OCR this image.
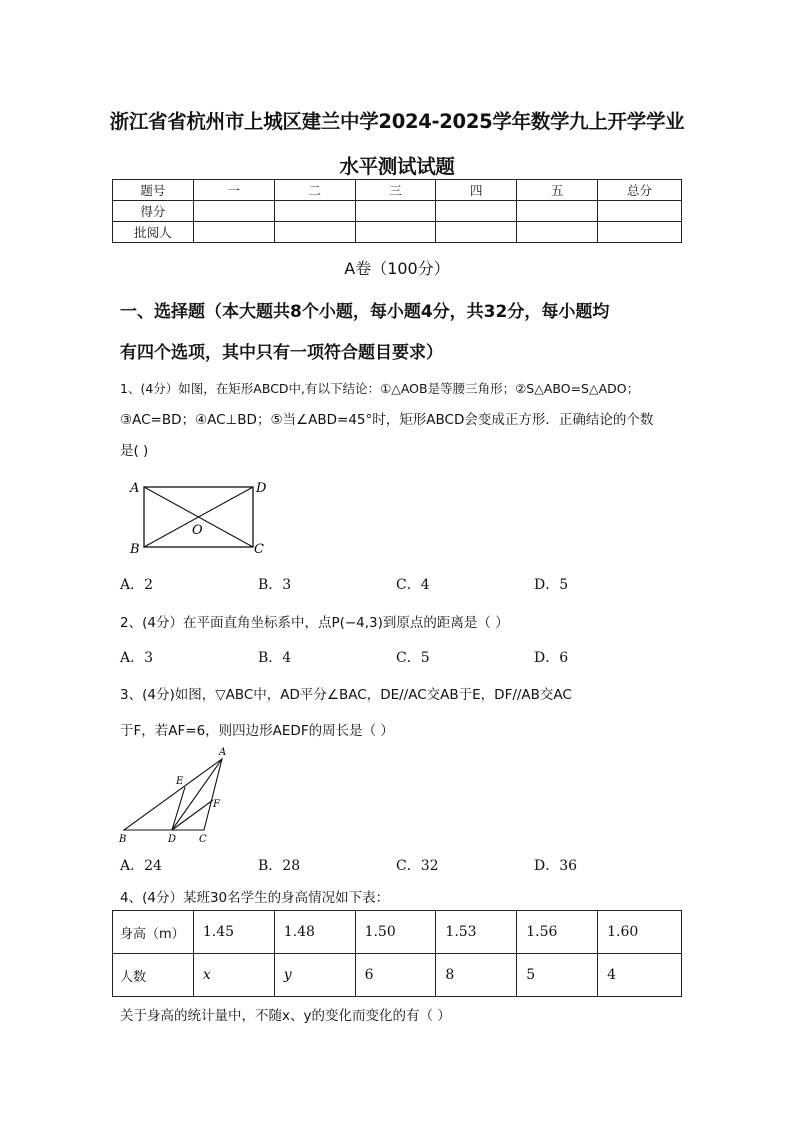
浙江省省杭州市上城区建兰中学2024-2025学年数学九上开学学业
水平测试试题
题号	一	二	三	四	五	总分
得分						
批阅人						
A卷（100分）
一、选择题（本大题共8个小题，每小题4分，共32分，每小题均
有四个选项，其中只有一项符合题目要求）
1、(4分）如图，在矩形ABCD中,有以下结论：①△AOB是等腰三角形；②S△ABO=S△ADO；
③AC=BD；④AC⊥BD；⑤当∠ABD=45°时，矩形ABCD会变成正方形．正确结论的个数
是( )
A	D
B	C
O
A．2	B．3	C．4	D．5
2、(4分）在平面直角坐标系中，点P(−4,3)到原点的距离是（ ）
A．3	B．4	C．5	D．6
3、(4分)如图，▽ABC中，AD平分∠BAC，DE//AC交AB于E，DF//AB交AC
于F，若AF=6，则四边形AEDF的周长是（ ）
A
E
F
B	D C
A．24	B．28	C．32	D．36
4、(4分）某班30名学生的身高情况如下表：
身高（m）	1.45	1.48	1.50	1.53	1.56	1.60
人数	x	y	6	8	5	4
关于身高的统计量中，不随x、y的变化而变化的有（ ）
